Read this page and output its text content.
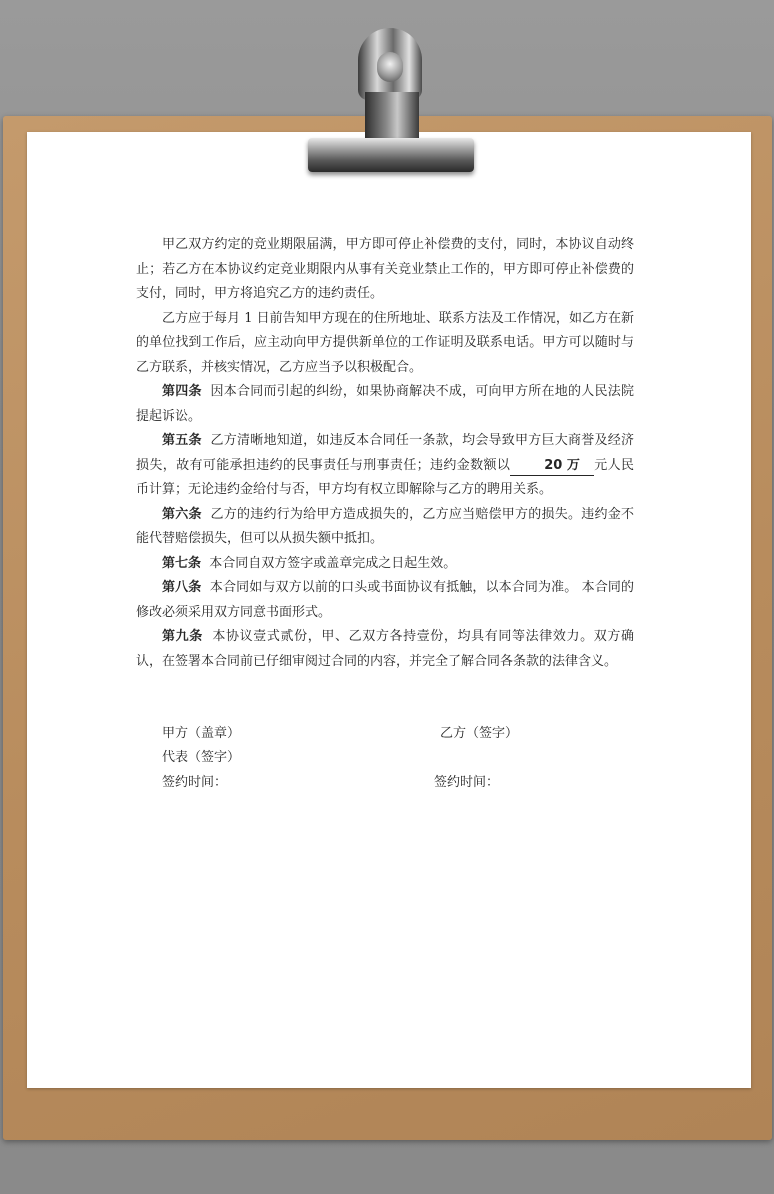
甲乙双方约定的竞业期限届满，甲方即可停止补偿费的支付，同时，本协议自动终止；若乙方在本协议约定竞业期限内从事有关竞业禁止工作的，甲方即可停止补偿费的支付，同时，甲方将追究乙方的违约责任。

乙方应于每月 1 日前告知甲方现在的住所地址、联系方法及工作情况，如乙方在新的单位找到工作后，应主动向甲方提供新单位的工作证明及联系电话。甲方可以随时与乙方联系，并核实情况，乙方应当予以积极配合。

第四条 因本合同而引起的纠纷，如果协商解决不成，可向甲方所在地的人民法院提起诉讼。

第五条 乙方清晰地知道，如违反本合同任一条款，均会导致甲方巨大商誉及经济损失，故有可能承担违约的民事责任与刑事责任；违约金数额以	20 万 元人民币计算；无论违约金给付与否，甲方均有权立即解除与乙方的聘用关系。

第六条 乙方的违约行为给甲方造成损失的，乙方应当赔偿甲方的损失。违约金不能代替赔偿损失，但可以从损失额中抵扣。

第七条 本合同自双方签字或盖章完成之日起生效。

第八条 本合同如与双方以前的口头或书面协议有抵触，以本合同为准。 本合同的修改必须采用双方同意书面形式。

第九条 本协议壹式贰份，甲、乙双方各持壹份，均具有同等法律效力。双方确认，在签署本合同前已仔细审阅过合同的内容，并完全了解合同各条款的法律含义。

甲方（盖章）	乙方（签字）
代表（签字）
签约时间：	签约时间：
